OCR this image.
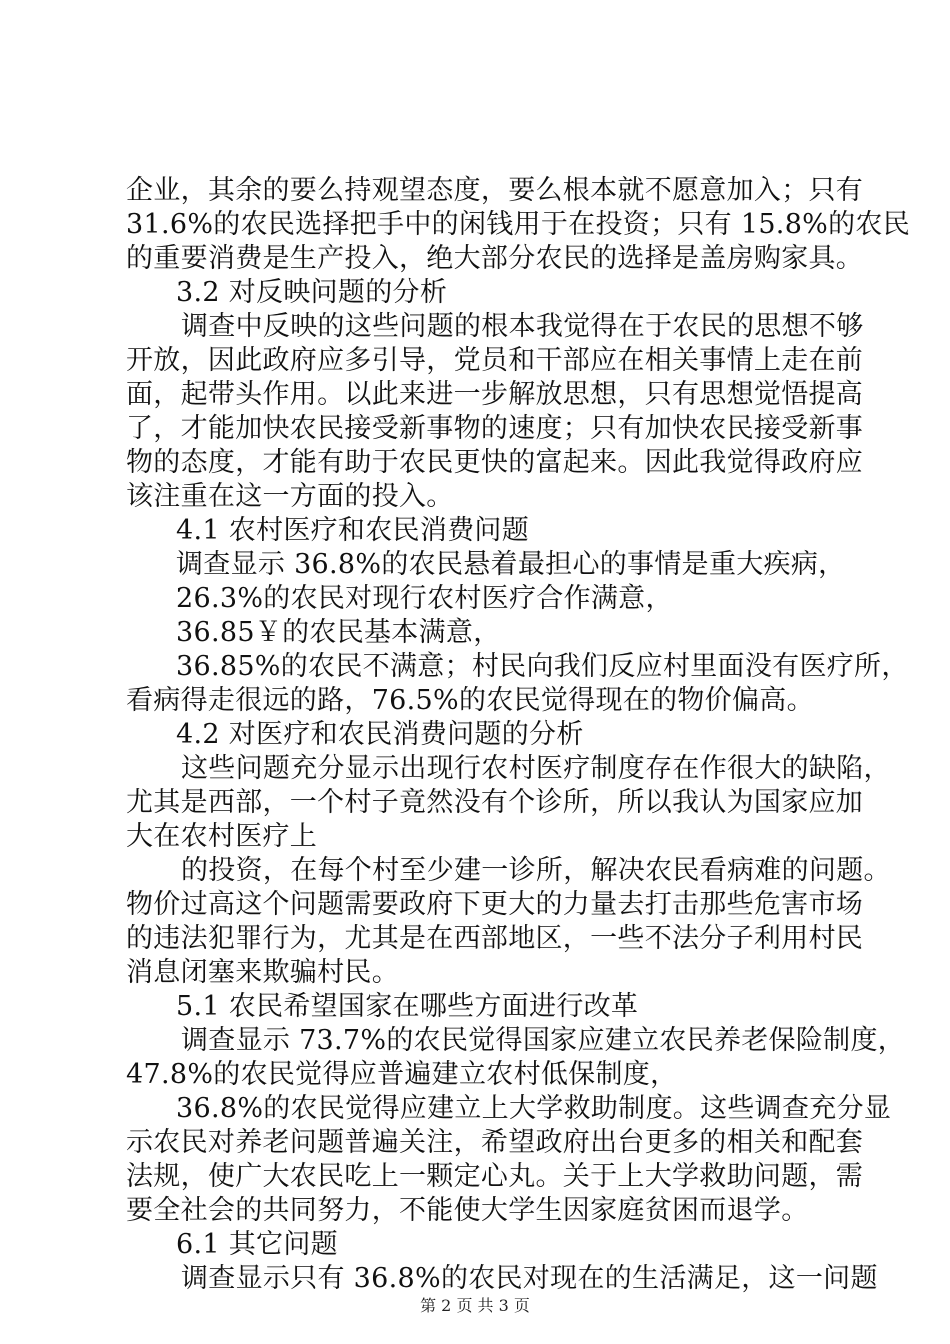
企业，其余的要么持观望态度，要么根本就不愿意加入；只有
31.6%的农民选择把手中的闲钱用于在投资；只有 15.8%的农民
的重要消费是生产投入，绝大部分农民的选择是盖房购家具。
3.2 对反映问题的分析
调查中反映的这些问题的根本我觉得在于农民的思想不够
开放，因此政府应多引导，党员和干部应在相关事情上走在前
面，起带头作用。以此来进一步解放思想，只有思想觉悟提高
了，才能加快农民接受新事物的速度；只有加快农民接受新事
物的态度，才能有助于农民更快的富起来。因此我觉得政府应
该注重在这一方面的投入。
4.1 农村医疗和农民消费问题
调查显示 36.8%的农民悬着最担心的事情是重大疾病，
26.3%的农民对现行农村医疗合作满意，
36.85￥的农民基本满意，
36.85%的农民不满意；村民向我们反应村里面没有医疗所，
看病得走很远的路，76.5%的农民觉得现在的物价偏高。
4.2 对医疗和农民消费问题的分析
这些问题充分显示出现行农村医疗制度存在作很大的缺陷，
尤其是西部，一个村子竟然没有个诊所，所以我认为国家应加
大在农村医疗上
的投资，在每个村至少建一诊所，解决农民看病难的问题。
物价过高这个问题需要政府下更大的力量去打击那些危害市场
的违法犯罪行为，尤其是在西部地区，一些不法分子利用村民
消息闭塞来欺骗村民。
5.1 农民希望国家在哪些方面进行改革
调查显示 73.7%的农民觉得国家应建立农民养老保险制度，
47.8%的农民觉得应普遍建立农村低保制度，
36.8%的农民觉得应建立上大学救助制度。这些调查充分显
示农民对养老问题普遍关注，希望政府出台更多的相关和配套
法规，使广大农民吃上一颗定心丸。关于上大学救助问题，需
要全社会的共同努力，不能使大学生因家庭贫困而退学。
6.1 其它问题
调查显示只有 36.8%的农民对现在的生活满足，这一问题
第 2 页 共 3 页
